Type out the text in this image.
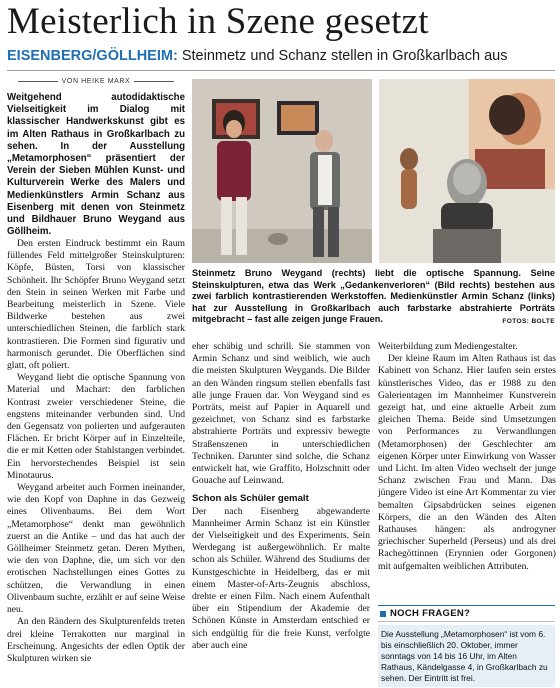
Meisterlich in Szene gesetzt
EISENBERG/GÖLLHEIM: Steinmetz und Schanz stellen in Großkarlbach aus
VON HEIKE MARX
Weitgehend autodidaktische Vielseitigkeit im Dialog mit klassischer Handwerkskunst gibt es im Alten Rathaus in Großkarlbach zu sehen. In der Ausstellung „Metamorphosen“ präsentiert der Verein der Sieben Mühlen Kunst- und Kulturverein Werke des Malers und Medienkünstlers Armin Schanz aus Eisenberg mit denen von Steinmetz und Bildhauer Bruno Weygand aus Göllheim.

Den ersten Eindruck bestimmt ein Raum füllendes Feld mittelgroßer Steinskulpturen: Köpfe, Büsten, Torsi von klassischer Schönheit. Ihr Schöpfer Bruno Weygand setzt den Stein in seinen Werken mit Farbe und Bearbeitung meisterlich in Szene. Viele Bildwerke bestehen aus zwei unterschiedlichen Steinen, die farblich stark kontrastieren. Die Formen sind figurativ und harmonisch gerundet. Die Oberflächen sind glatt, oft poliert.

Weygand liebt die optische Spannung von Material und Machart: den farblichen Kontrast zweier verschiedener Steine, die engstens miteinander verbunden sind. Und den Gegensatz von polierten und aufgerauten Flächen. Er bricht Körper auf in Einzelteile, die er mit Ketten oder Stahlstangen verbindet. Ein hervorstechendes Beispiel ist sein Minotaurus.

Weygand arbeitet auch Formen ineinander, wie den Kopf von Daphne in das Gezweig eines Olivenbaums. Bei dem Wort „Metamorphose“ denkt man gewöhnlich zuerst an die Antike – und das hat auch der Göllheimer Steinmetz getan. Deren Mythen, wie den von Daphne, die, um sich vor den erotischen Nachstellungen eines Gottes zu schützen, die Verwandlung in einen Olivenbaum suchte, erzählt er auf seine Weise neu.

An den Rändern des Skulpturenfelds treten drei kleine Terrakotten nur marginal in Erscheinung. Angesichts der edlen Optik der Skulpturen wirken sie

Steinmetz Bruno Weygand (rechts) liebt die optische Spannung. Seine Steinskulpturen, etwa das Werk „Gedankenverloren“ (Bild rechts) bestehen aus zwei farblich kontrastierenden Werkstoffen. Medienkünstler Armin Schanz (links) hat zur Ausstellung in Großkarlbach auch farbstarke abstrahierte Porträts mitgebracht – fast alle zeigen junge Frauen.	FOTOS: BOLTE

eher schäbig und schrill. Sie stammen von Armin Schanz und sind weiblich, wie auch die meisten Skulpturen Weygands. Die Bilder an den Wänden ringsum stellen ebenfalls fast alle junge Frauen dar. Von Weygand sind es Porträts, meist auf Papier in Aquarell und gezeichnet, von Schanz sind es farbstarke abstrahierte Porträts und expressiv bewegte Straßenszenen in unterschiedlichen Techniken. Darunter sind solche, die Schanz entwickelt hat, wie Graffito, Holzschnitt oder Gouache auf Leinwand.

Schon als Schüler gemalt

Der nach Eisenberg abgewanderte Mannheimer Armin Schanz ist ein Künstler der Vielseitigkeit und des Experiments. Sein Werdegang ist außergewöhnlich. Er malte schon als Schüler. Während des Studiums der Kunstgeschichte in Heidelberg, das er mit einem Master-of-Arts-Zeugnis abschloss, drehte er einen Film. Nach einem Aufenthalt über ein Stipendium der Akademie der Schönen Künste in Amsterdam entschied er sich endgültig für die freie Kunst, verfolgte aber auch eine

Weiterbildung zum Mediengestalter.

Der kleine Raum im Alten Rathaus ist das Kabinett von Schanz. Hier laufen sein erstes künstlerisches Video, das er 1988 zu den Galerientagen im Mannheimer Kunstverein gezeigt hat, und eine aktuelle Arbeit zum gleichen Thema. Beide sind Umsetzungen von Performances zu Verwandlungen (Metamorphosen) der Geschlechter am eigenen Körper unter Einwirkung von Wasser und Licht. Im alten Video wechselt der junge Schanz zwischen Frau und Mann. Das jüngere Video ist eine Art Kommentar zu vier bemalten Gipsabdrücken seines eigenen Körpers, die an den Wänden des Alten Rathauses hängen: als androgyner griechischer Superheld (Perseus) und als drei Rachegöttinnen (Erynnien oder Gorgonen) mit aufgemalten weiblichen Attributen.

NOCH FRAGEN?
Die Ausstellung „Metamorphosen“ ist vom 6. bis einschließlich 20. Oktober, immer sonntags von 14 bis 16 Uhr, im Alten Rathaus, Kändelgasse 4, in Großkarlbach zu sehen. Der Eintritt ist frei.
